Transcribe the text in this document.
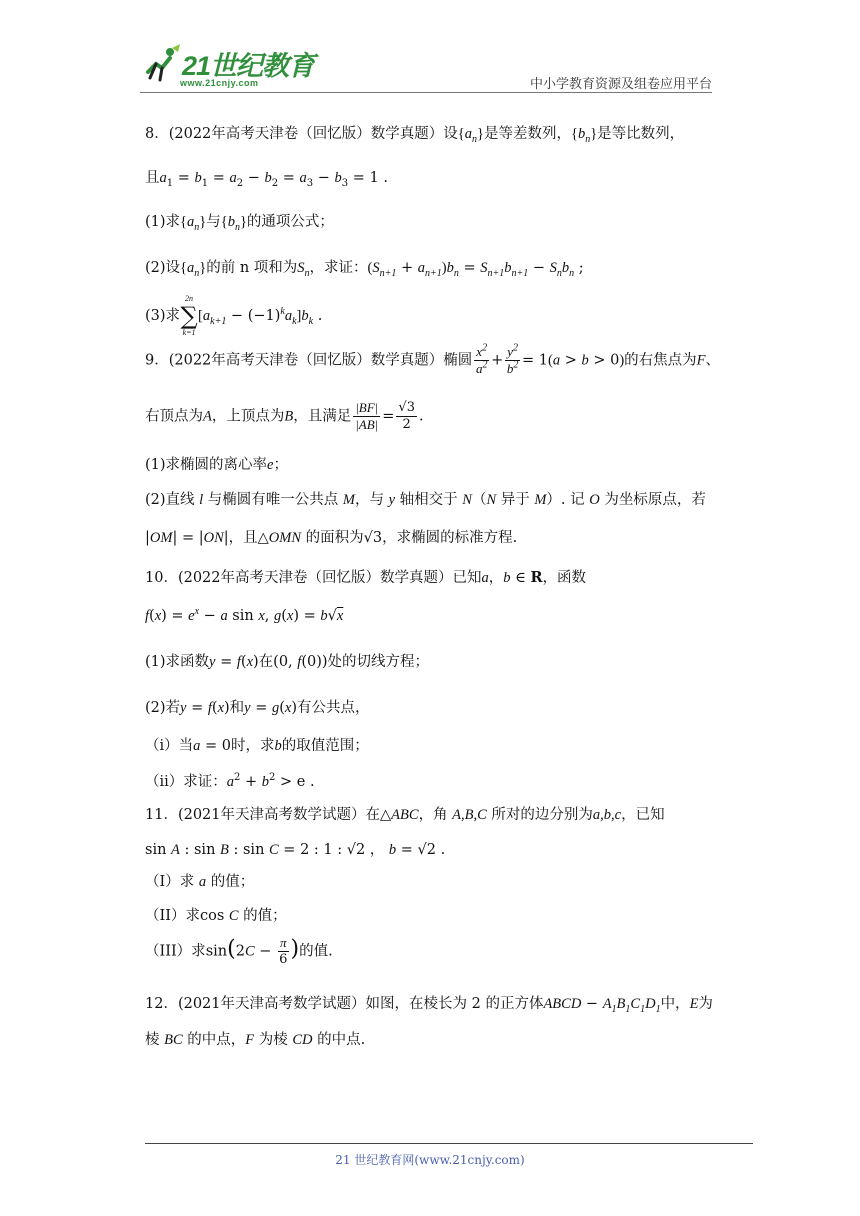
21世纪教育
www.21cnjy.com	中小学教育资源及组卷应用平台
8．(2022年高考天津卷（回忆版）数学真题）设$\{a_n\}$是等差数列，$\{b_n\}$是等比数列，
且$a_1 = b_1 = a_2 - b_2 = a_3 - b_3 = 1$ .
(1)求$\{a_n\}$与$\{b_n\}$的通项公式；
(2)设$\{a_n\}$的前 n 项和为$S_n$，求证：$(S_{n+1} + a_{n+1})b_n = S_{n+1}b_{n+1} - S_nb_n$ ;
(3)求
2n
∑
k=1
$[a_{k+1} - (-1)^ka_k]b_k$ .
9．(2022年高考天津卷（回忆版）数学真题）椭圆 $\frac{x^2}{a^2} + \frac{y^2}{b^2} = 1(a > b > 0)$的右焦点为F、
右顶点为A，上顶点为B，且满足 $\frac{|BF|}{|AB|} = \frac{√3}{2}$ .
(1)求椭圆的离心率e；
(2)直线 l 与椭圆有唯一公共点 M，与 y 轴相交于 N（N 异于 M）. 记 O 为坐标原点，若
|OM| = |ON|，且△OMN 的面积为√3，求椭圆的标准方程.
10．(2022年高考天津卷（回忆版）数学真题）已知a，b ∈ R，函数
$f(x) = e^x - a$ sin x, g(x) = b√x
(1)求函数y = f(x)在(0, f(0))处的切线方程；
(2)若y = f(x)和y = g(x)有公共点，
（i）当a = 0时，求b的取值范围；
（ii）求证：$a^2 + b^2 > e$ .
11．(2021年天津高考数学试题）在△ABC，角 A,B,C 所对的边分别为a,b,c，已知
sin A : sin B : sin C = 2 : 1 : √2 ， b = √2 .
（I）求 a 的值；
（II）求cos C 的值；
（III）求$\sin(2C - \frac{\pi}{6}$ )的值.
12．(2021年天津高考数学试题）如图，在棱长为 2 的正方体ABCD − $A_1B_1C_1D_1$中，E为
棱 BC 的中点，F 为棱 CD 的中点.
21 世纪教育网(www.21cnjy.com)
